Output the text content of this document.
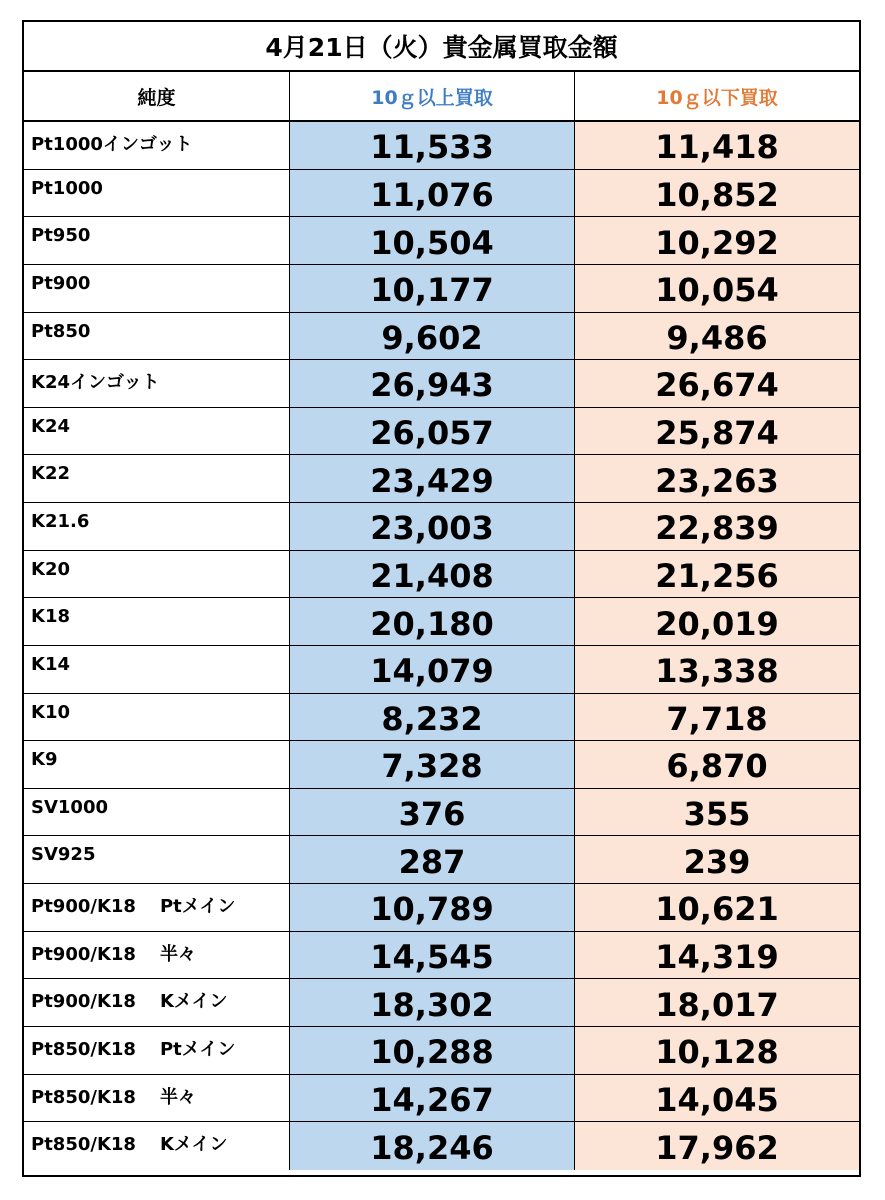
4月21日（火）貴金属買取金額
純度	10ｇ以上買取	10ｇ以下買取
Pt1000インゴット	11,533	11,418
Pt1000	11,076	10,852
Pt950	10,504	10,292
Pt900	10,177	10,054
Pt850	9,602	9,486
K24インゴット	26,943	26,674
K24	26,057	25,874
K22	23,429	23,263
K21.6	23,003	22,839
K20	21,408	21,256
K18	20,180	20,019
K14	14,079	13,338
K10	8,232	7,718
K9	7,328	6,870
SV1000	376	355
SV925	287	239
Pt900/K18 Ptメイン	10,789	10,621
Pt900/K18 半々	14,545	14,319
Pt900/K18 Kメイン	18,302	18,017
Pt850/K18 Ptメイン	10,288	10,128
Pt850/K18 半々	14,267	14,045
Pt850/K18 Kメイン	18,246	17,962
